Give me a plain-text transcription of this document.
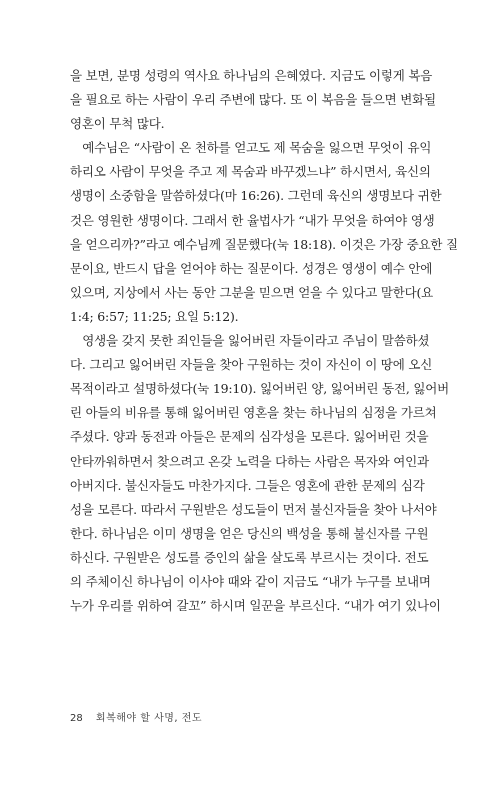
을 보면, 분명 성령의 역사요 하나님의 은혜였다. 지금도 이렇게 복음
을 필요로 하는 사람이 우리 주변에 많다. 또 이 복음을 들으면 변화될
영혼이 무척 많다.
　예수님은 “사람이 온 천하를 얻고도 제 목숨을 잃으면 무엇이 유익
하리오 사람이 무엇을 주고 제 목숨과 바꾸겠느냐” 하시면서, 육신의
생명이 소중함을 말씀하셨다(마 16:26). 그런데 육신의 생명보다 귀한
것은 영원한 생명이다. 그래서 한 율법사가 “내가 무엇을 하여야 영생
을 얻으리까?”라고 예수님께 질문했다(눅 18:18). 이것은 가장 중요한 질
문이요, 반드시 답을 얻어야 하는 질문이다. 성경은 영생이 예수 안에
있으며, 지상에서 사는 동안 그분을 믿으면 얻을 수 있다고 말한다(요
1:4; 6:57; 11:25; 요일 5:12).
　영생을 갖지 못한 죄인들을 잃어버린 자들이라고 주님이 말씀하셨
다. 그리고 잃어버린 자들을 찾아 구원하는 것이 자신이 이 땅에 오신
목적이라고 설명하셨다(눅 19:10). 잃어버린 양, 잃어버린 동전, 잃어버
린 아들의 비유를 통해 잃어버린 영혼을 찾는 하나님의 심정을 가르쳐
주셨다. 양과 동전과 아들은 문제의 심각성을 모른다. 잃어버린 것을
안타까워하면서 찾으려고 온갖 노력을 다하는 사람은 목자와 여인과
아버지다. 불신자들도 마찬가지다. 그들은 영혼에 관한 문제의 심각
성을 모른다. 따라서 구원받은 성도들이 먼저 불신자들을 찾아 나서야
한다. 하나님은 이미 생명을 얻은 당신의 백성을 통해 불신자를 구원
하신다. 구원받은 성도를 증인의 삶을 살도록 부르시는 것이다. 전도
의 주체이신 하나님이 이사야 때와 같이 지금도 “내가 누구를 보내며
누가 우리를 위하여 갈꼬” 하시며 일꾼을 부르신다. “내가 여기 있나이
28 회복해야 할 사명, 전도
